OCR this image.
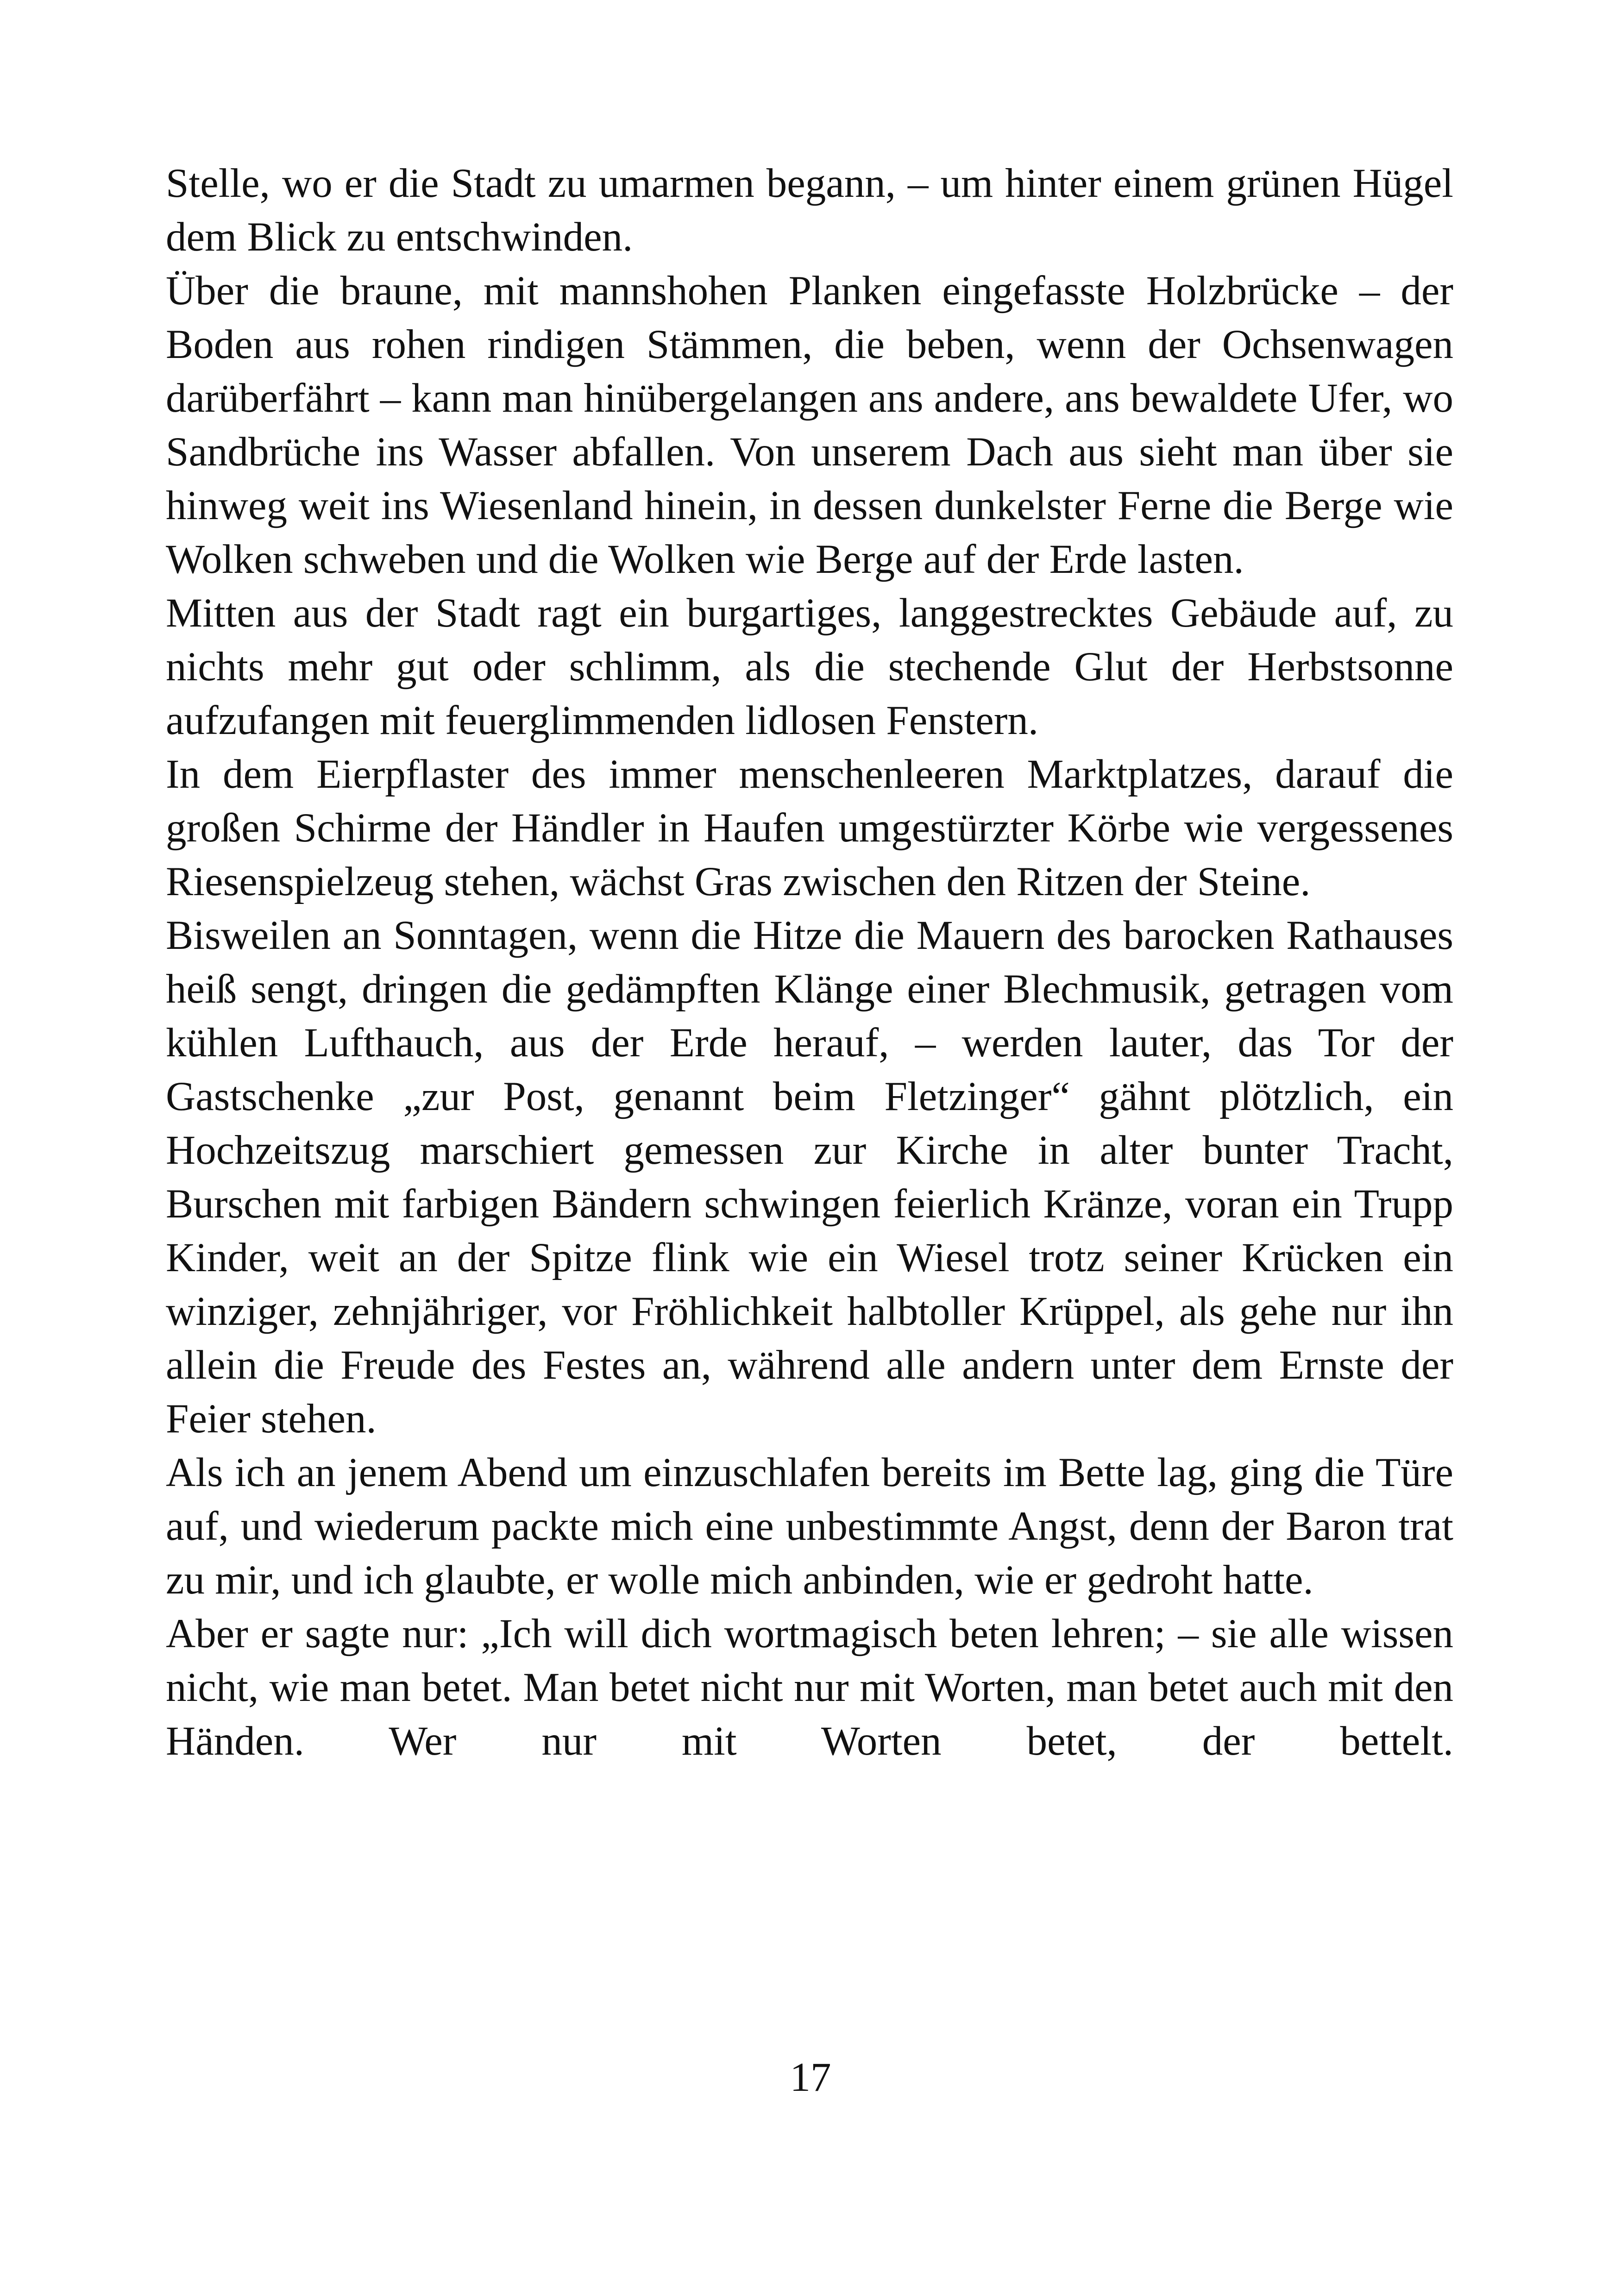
Stelle, wo er die Stadt zu umarmen begann, – um hinter einem grünen Hügel dem Blick zu entschwinden.

Über die braune, mit mannshohen Planken eingefasste Holzbrücke – der Boden aus rohen rindigen Stämmen, die beben, wenn der Ochsenwagen darüberfährt – kann man hinübergelangen ans andere, ans bewaldete Ufer, wo Sandbrüche ins Wasser abfallen. Von unserem Dach aus sieht man über sie hinweg weit ins Wiesenland hinein, in dessen dunkelster Ferne die Berge wie Wolken schweben und die Wolken wie Berge auf der Erde lasten.

Mitten aus der Stadt ragt ein burgartiges, langgestrecktes Gebäude auf, zu nichts mehr gut oder schlimm, als die stechende Glut der Herbstsonne aufzufangen mit feuerglimmenden lidlosen Fenstern.

In dem Eierpflaster des immer menschenleeren Marktplatzes, darauf die großen Schirme der Händler in Haufen umgestürzter Körbe wie vergessenes Riesenspielzeug stehen, wächst Gras zwischen den Ritzen der Steine.

Bisweilen an Sonntagen, wenn die Hitze die Mauern des barocken Rathauses heiß sengt, dringen die gedämpften Klänge einer Blechmusik, getragen vom kühlen Lufthauch, aus der Erde herauf, – werden lauter, das Tor der Gastschenke „zur Post, genannt beim Fletzinger“ gähnt plötzlich, ein Hochzeitszug marschiert gemessen zur Kirche in alter bunter Tracht, Burschen mit farbigen Bändern schwingen feierlich Kränze, voran ein Trupp Kinder, weit an der Spitze flink wie ein Wiesel trotz seiner Krücken ein winziger, zehnjähriger, vor Fröhlichkeit halbtoller Krüppel, als gehe nur ihn allein die Freude des Festes an, während alle andern unter dem Ernste der Feier stehen.

Als ich an jenem Abend um einzuschlafen bereits im Bette lag, ging die Türe auf, und wiederum packte mich eine unbestimmte Angst, denn der Baron trat zu mir, und ich glaubte, er wolle mich anbinden, wie er gedroht hatte.

Aber er sagte nur: „Ich will dich wortmagisch beten lehren; – sie alle wissen nicht, wie man betet. Man betet nicht nur mit Worten, man betet auch mit den Händen. Wer nur mit Worten betet, der bettelt.

17
